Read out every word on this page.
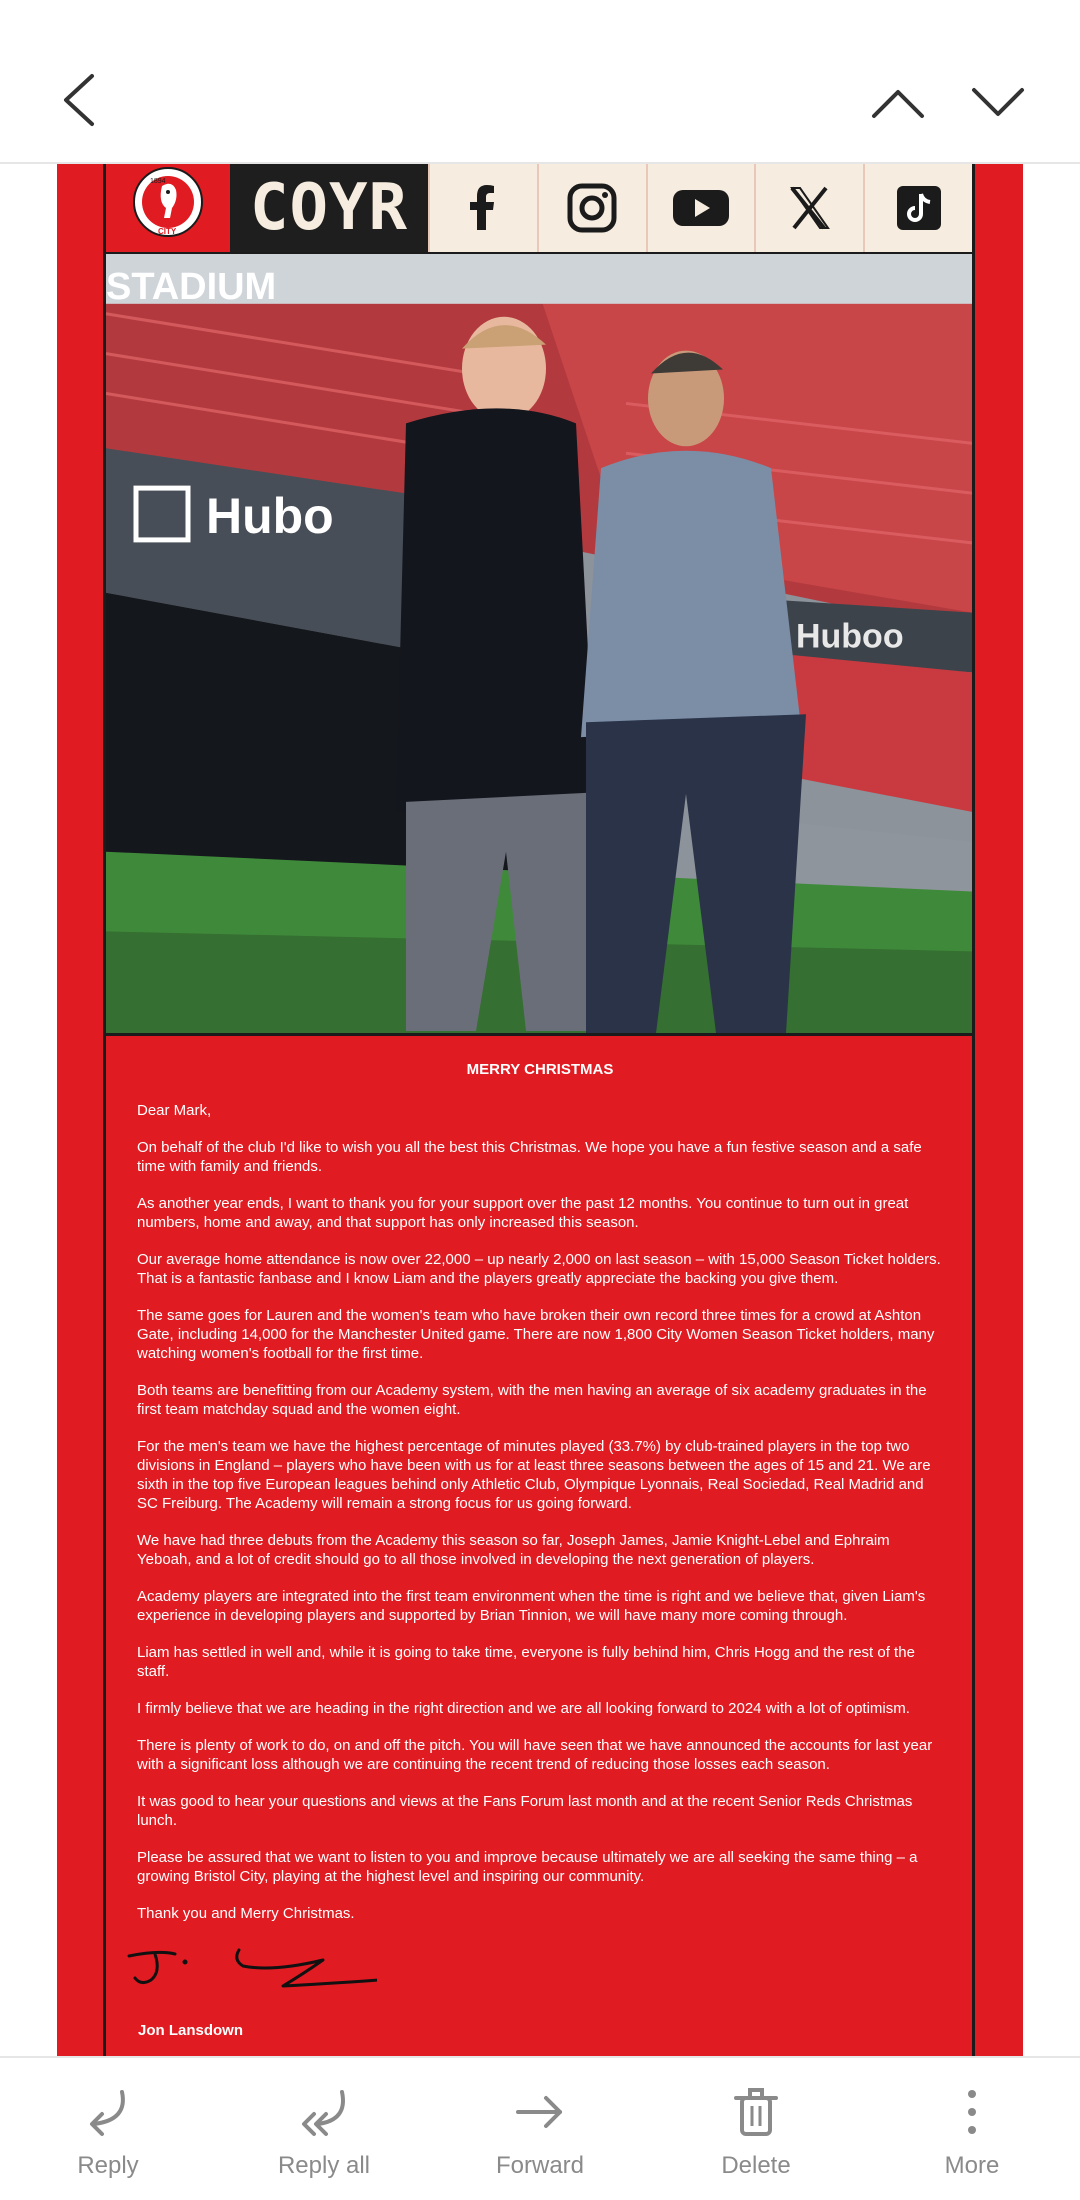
1894
CITY	COYR
STADIUM
Hubo
Huboo
MERRY CHRISTMAS

Dear Mark,

On behalf of the club I'd like to wish you all the best this Christmas. We hope you have a fun festive season and a safe time with family and friends.

As another year ends, I want to thank you for your support over the past 12 months. You continue to turn out in great numbers, home and away, and that support has only increased this season.

Our average home attendance is now over 22,000 – up nearly 2,000 on last season – with 15,000 Season Ticket holders. That is a fantastic fanbase and I know Liam and the players greatly appreciate the backing you give them.

The same goes for Lauren and the women's team who have broken their own record three times for a crowd at Ashton Gate, including 14,000 for the Manchester United game. There are now 1,800 City Women Season Ticket holders, many watching women's football for the first time.

Both teams are benefitting from our Academy system, with the men having an average of six academy graduates in the first team matchday squad and the women eight.

For the men's team we have the highest percentage of minutes played (33.7%) by club-trained players in the top two divisions in England – players who have been with us for at least three seasons between the ages of 15 and 21. We are sixth in the top five European leagues behind only Athletic Club, Olympique Lyonnais, Real Sociedad, Real Madrid and SC Freiburg. The Academy will remain a strong focus for us going forward.

We have had three debuts from the Academy this season so far, Joseph James, Jamie Knight-Lebel and Ephraim Yeboah, and a lot of credit should go to all those involved in developing the next generation of players.

Academy players are integrated into the first team environment when the time is right and we believe that, given Liam's experience in developing players and supported by Brian Tinnion, we will have many more coming through.

Liam has settled in well and, while it is going to take time, everyone is fully behind him, Chris Hogg and the rest of the staff.

I firmly believe that we are heading in the right direction and we are all looking forward to 2024 with a lot of optimism.

There is plenty of work to do, on and off the pitch. You will have seen that we have announced the accounts for last year with a significant loss although we are continuing the recent trend of reducing those losses each season.

It was good to hear your questions and views at the Fans Forum last month and at the recent Senior Reds Christmas lunch.

Please be assured that we want to listen to you and improve because ultimately we are all seeking the same thing – a growing Bristol City, playing at the highest level and inspiring our community.

Thank you and Merry Christmas.

Jon Lansdown
Reply	Reply all	Forward	Delete	More
